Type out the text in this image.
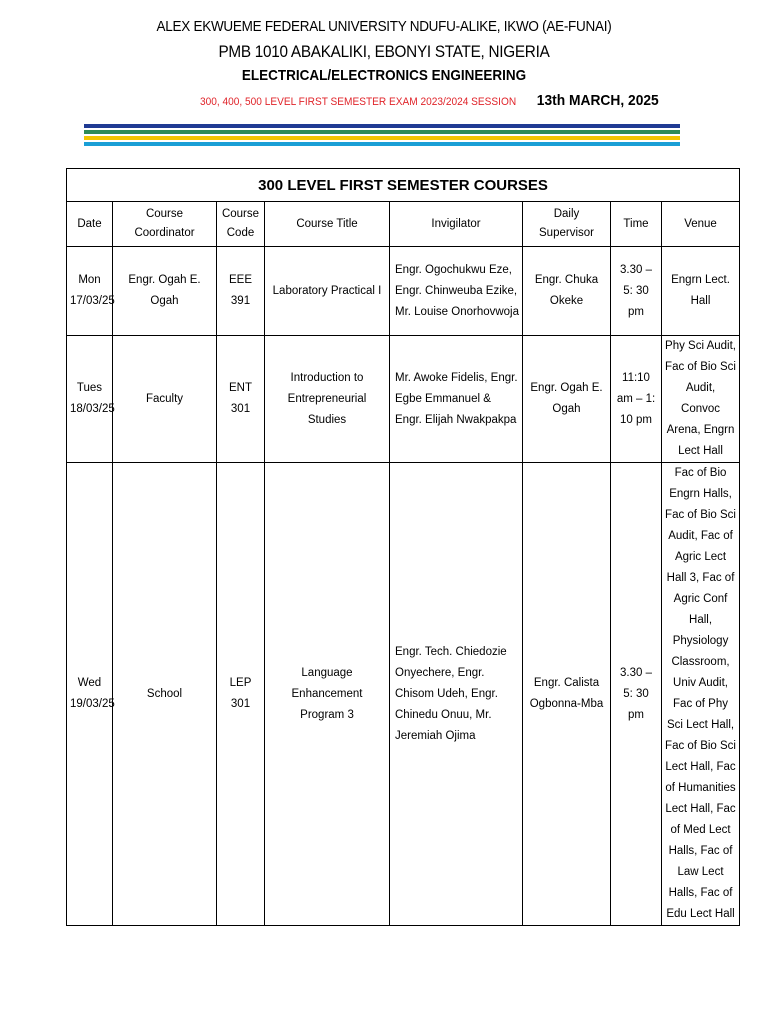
ALEX EKWUEME FEDERAL UNIVERSITY NDUFU-ALIKE, IKWO (AE-FUNAI)
PMB 1010 ABAKALIKI, EBONYI STATE, NIGERIA
ELECTRICAL/ELECTRONICS ENGINEERING
300, 400, 500 LEVEL FIRST SEMESTER EXAM 2023/2024 SESSION 13th MARCH, 2025
300 LEVEL FIRST SEMESTER COURSES							
Date	Course Coordinator	Course Code	Course Title	Invigilator	Daily Supervisor	Time	Venue
Mon 17/03/25	Engr. Ogah E. Ogah	EEE 391	Laboratory Practical I	Engr. Ogochukwu Eze, Engr. Chinweuba Ezike, Mr. Louise Onorhovwoja	Engr. Chuka Okeke	3.30 – 5: 30 pm	Engrn Lect. Hall
Tues 18/03/25	Faculty	ENT 301	Introduction to Entrepreneurial Studies	Mr. Awoke Fidelis, Engr. Egbe Emmanuel & Engr. Elijah Nwakpakpa	Engr. Ogah E. Ogah	11:10 am – 1: 10 pm	Phy Sci Audit, Fac of Bio Sci Audit, Convoc Arena, Engrn Lect Hall
Wed 19/03/25	School	LEP 301	Language Enhancement Program 3	Engr. Tech. Chiedozie Onyechere, Engr. Chisom Udeh, Engr. Chinedu Onuu, Mr. Jeremiah Ojima	Engr. Calista Ogbonna-Mba	3.30 – 5: 30 pm	Fac of Bio Engrn Halls, Fac of Bio Sci Audit, Fac of Agric Lect Hall 3, Fac of Agric Conf Hall, Physiology Classroom, Univ Audit, Fac of Phy Sci Lect Hall, Fac of Bio Sci Lect Hall, Fac of Humanities Lect Hall, Fac of Med Lect Halls, Fac of Law Lect Halls, Fac of Edu Lect Hall
